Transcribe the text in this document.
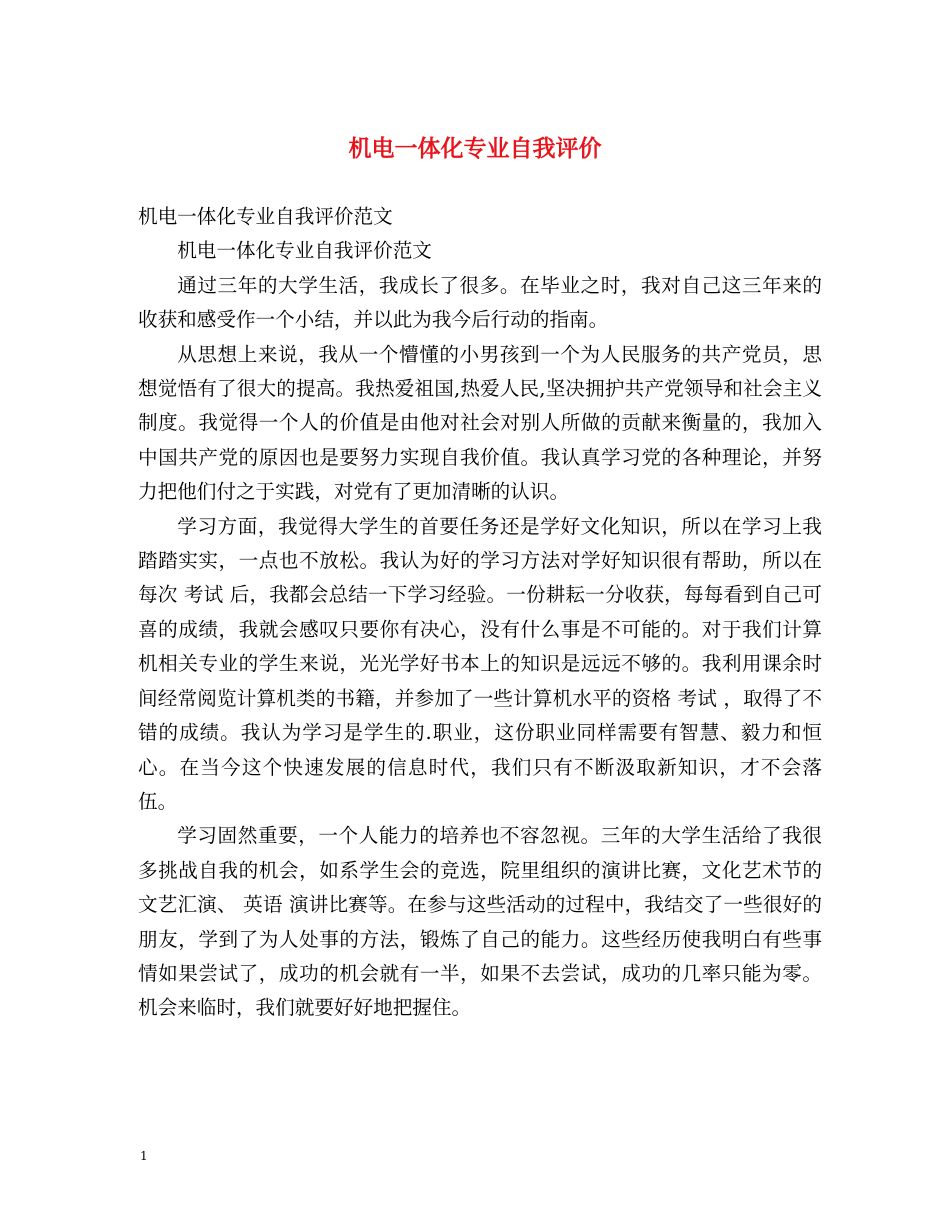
机电一体化专业自我评价

机电一体化专业自我评价范文

机电一体化专业自我评价范文

通过三年的大学生活，我成长了很多。在毕业之时，我对自己这三年来的收获和感受作一个小结，并以此为我今后行动的指南。

从思想上来说，我从一个懵懂的小男孩到一个为人民服务的共产党员，思想觉悟有了很大的提高。我热爱祖国,热爱人民,坚决拥护共产党领导和社会主义制度。我觉得一个人的价值是由他对社会对别人所做的贡献来衡量的，我加入中国共产党的原因也是要努力实现自我价值。我认真学习党的各种理论，并努力把他们付之于实践，对党有了更加清晰的认识。

学习方面，我觉得大学生的首要任务还是学好文化知识，所以在学习上我踏踏实实，一点也不放松。我认为好的学习方法对学好知识很有帮助，所以在每次 考试 后，我都会总结一下学习经验。一份耕耘一分收获，每每看到自己可喜的成绩，我就会感叹只要你有决心，没有什么事是不可能的。对于我们计算机相关专业的学生来说，光光学好书本上的知识是远远不够的。我利用课余时间经常阅览计算机类的书籍，并参加了一些计算机水平的资格 考试 ，取得了不错的成绩。我认为学习是学生的.职业，这份职业同样需要有智慧、毅力和恒心。在当今这个快速发展的信息时代，我们只有不断汲取新知识，才不会落伍。

学习固然重要，一个人能力的培养也不容忽视。三年的大学生活给了我很多挑战自我的机会，如系学生会的竞选，院里组织的演讲比赛，文化艺术节的文艺汇演、 英语 演讲比赛等。在参与这些活动的过程中，我结交了一些很好的朋友，学到了为人处事的方法，锻炼了自己的能力。这些经历使我明白有些事情如果尝试了，成功的机会就有一半，如果不去尝试，成功的几率只能为零。机会来临时，我们就要好好地把握住。

1
